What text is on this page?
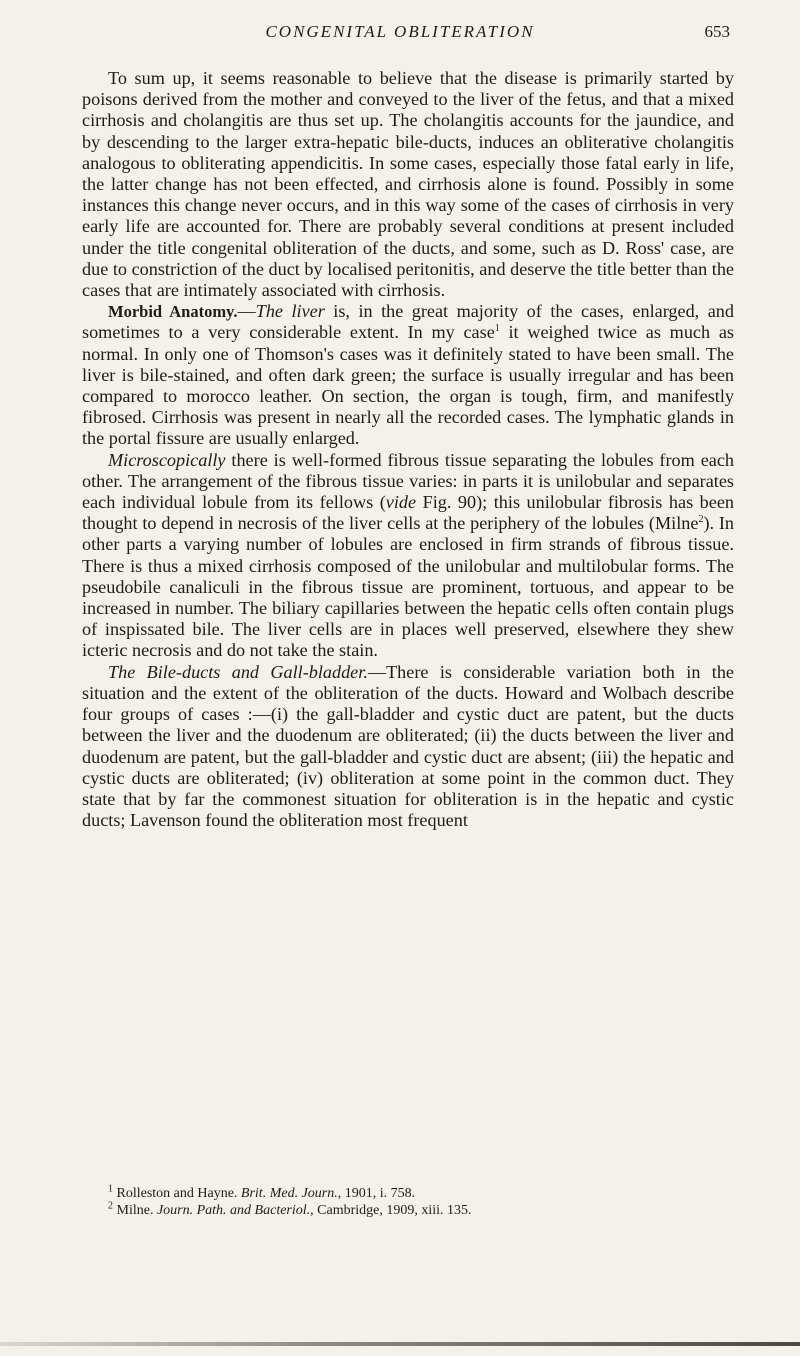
CONGENITAL OBLITERATION	653

To sum up, it seems reasonable to believe that the disease is primarily started by poisons derived from the mother and conveyed to the liver of the fetus, and that a mixed cirrhosis and cholangitis are thus set up. The cholangitis accounts for the jaundice, and by descending to the larger extra-hepatic bile-ducts, induces an obliterative cholangitis analogous to obliterating appendicitis. In some cases, especially those fatal early in life, the latter change has not been effected, and cirrhosis alone is found. Possibly in some instances this change never occurs, and in this way some of the cases of cirrhosis in very early life are accounted for. There are probably several conditions at present included under the title congenital obliteration of the ducts, and some, such as D. Ross' case, are due to constriction of the duct by localised peritonitis, and deserve the title better than the cases that are intimately associated with cirrhosis.

Morbid Anatomy.—The liver is, in the great majority of the cases, enlarged, and sometimes to a very considerable extent. In my case$^1$ it weighed twice as much as normal. In only one of Thomson's cases was it definitely stated to have been small. The liver is bile-stained, and often dark green; the surface is usually irregular and has been compared to morocco leather. On section, the organ is tough, firm, and manifestly fibrosed. Cirrhosis was present in nearly all the recorded cases. The lymphatic glands in the portal fissure are usually enlarged.

Microscopically there is well-formed fibrous tissue separating the lobules from each other. The arrangement of the fibrous tissue varies: in parts it is unilobular and separates each individual lobule from its fellows (vide Fig. 90); this unilobular fibrosis has been thought to depend in necrosis of the liver cells at the periphery of the lobules (Milne$^2$). In other parts a varying number of lobules are enclosed in firm strands of fibrous tissue. There is thus a mixed cirrhosis composed of the unilobular and multilobular forms. The pseudobile canaliculi in the fibrous tissue are prominent, tortuous, and appear to be increased in number. The biliary capillaries between the hepatic cells often contain plugs of inspissated bile. The liver cells are in places well preserved, elsewhere they shew icteric necrosis and do not take the stain.

The Bile-ducts and Gall-bladder.—There is considerable variation both in the situation and the extent of the obliteration of the ducts. Howard and Wolbach describe four groups of cases :—(i) the gall-bladder and cystic duct are patent, but the ducts between the liver and the duodenum are obliterated; (ii) the ducts between the liver and duodenum are patent, but the gall-bladder and cystic duct are absent; (iii) the hepatic and cystic ducts are obliterated; (iv) obliteration at some point in the common duct. They state that by far the commonest situation for obliteration is in the hepatic and cystic ducts; Lavenson found the obliteration most frequent

$^1$ Rolleston and Hayne. Brit. Med. Journ., 1901, i. 758.

$^2$ Milne. Journ. Path. and Bacteriol., Cambridge, 1909, xiii. 135.
